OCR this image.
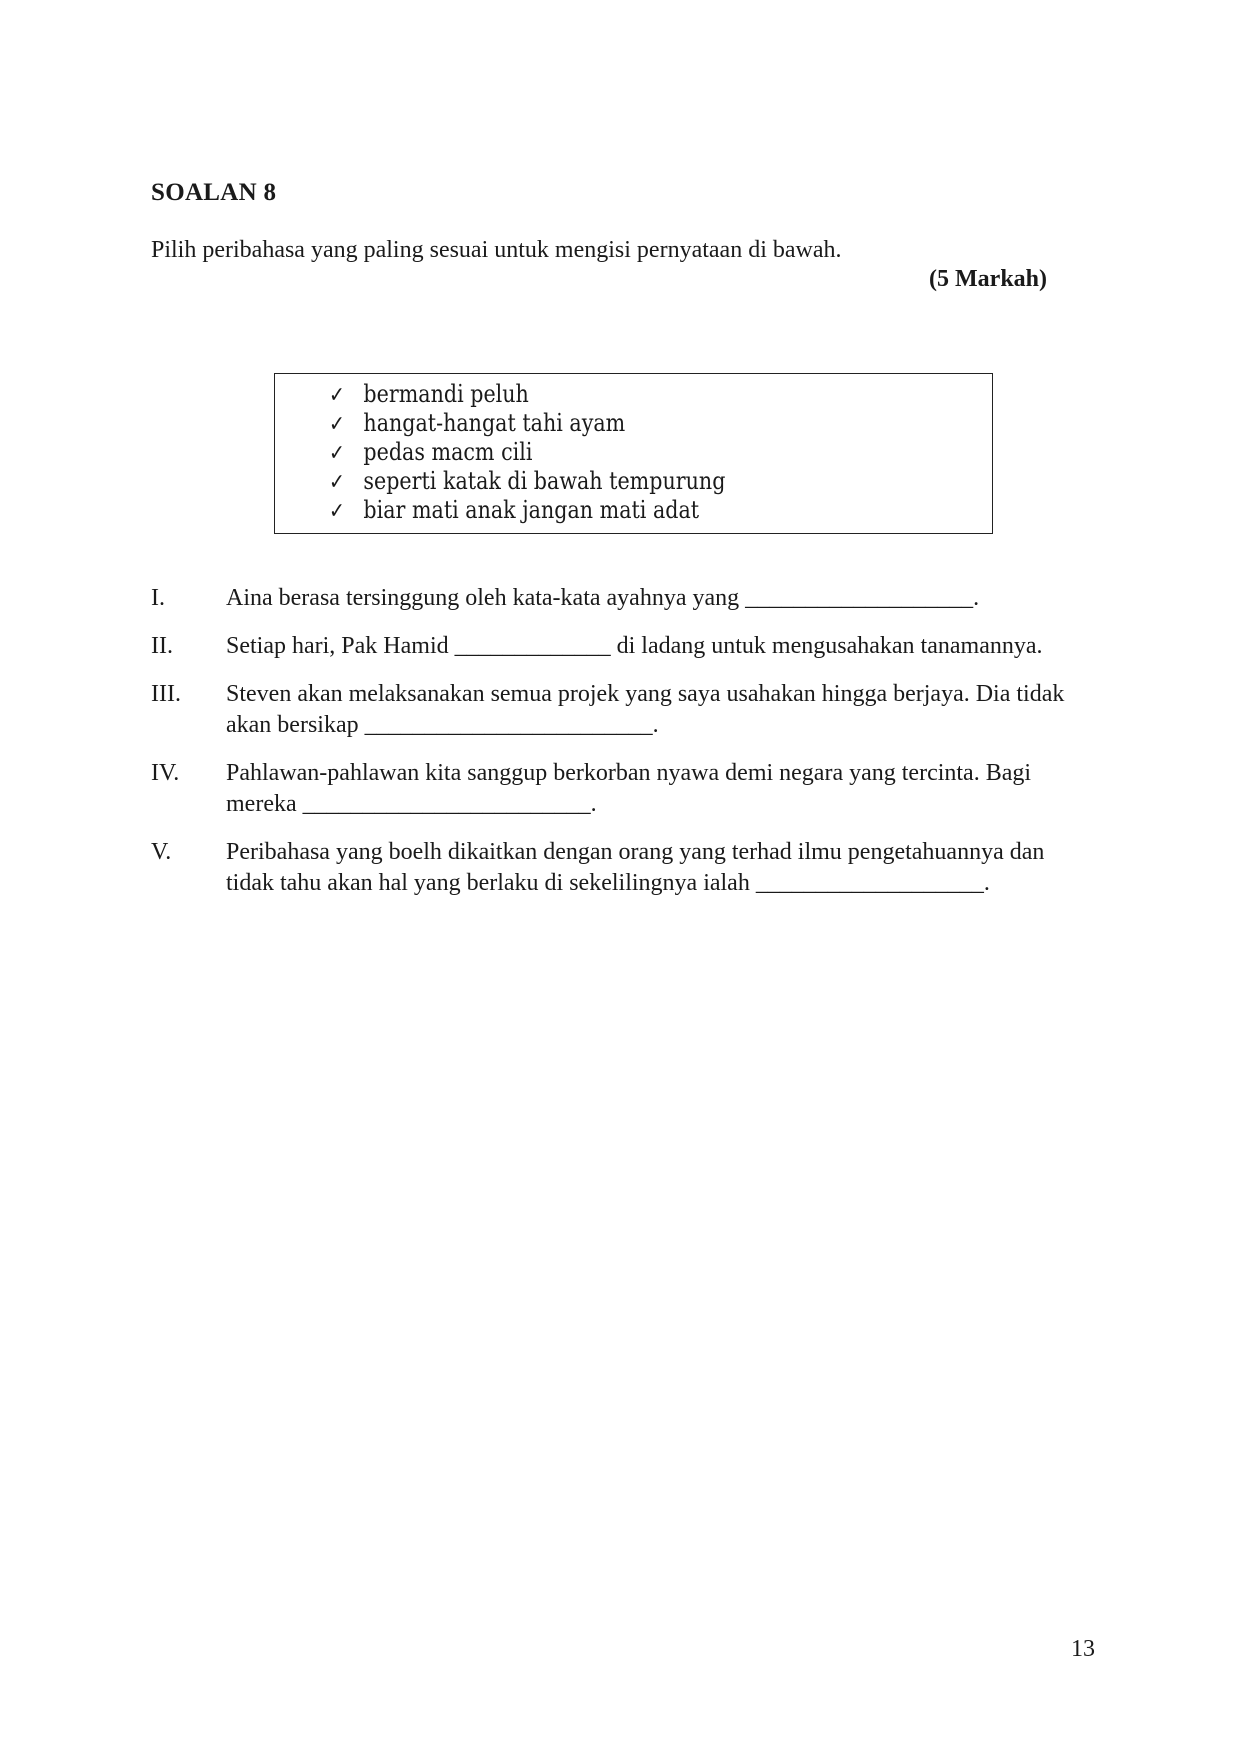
SOALAN 8
Pilih peribahasa yang paling sesuai untuk mengisi pernyataan di bawah.
(5 Markah)
✓ bermandi peluh
✓ hangat-hangat tahi ayam
✓ pedas macm cili
✓ seperti katak di bawah tempurung
✓ biar mati anak jangan mati adat
I.	Aina berasa tersinggung oleh kata-kata ayahnya yang ___________________.
II.	Setiap hari, Pak Hamid _____________ di ladang untuk mengusahakan tanamannya.
III.	Steven akan melaksanakan semua projek yang saya usahakan hingga berjaya. Dia tidak akan bersikap ________________________.
IV.	Pahlawan-pahlawan kita sanggup berkorban nyawa demi negara yang tercinta. Bagi mereka ________________________.
V.	Peribahasa yang boelh dikaitkan dengan orang yang terhad ilmu pengetahuannya dan tidak tahu akan hal yang berlaku di sekelilingnya ialah ___________________.
13
